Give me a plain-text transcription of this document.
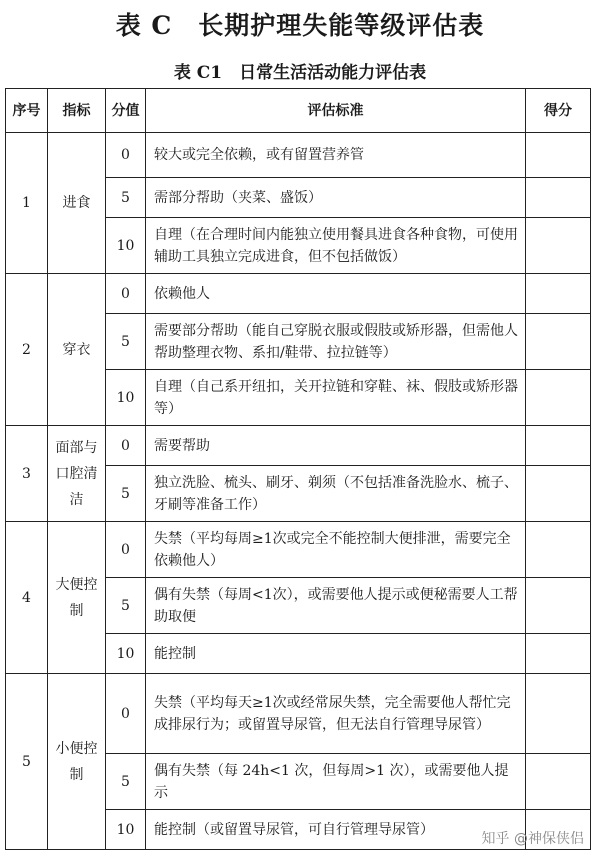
表 C　长期护理失能等级评估表
表 C1　日常生活活动能力评估表
序号	指标	分值	评估标准	得分
1	进食	0	较大或完全依赖，或有留置营养管	
		5	需部分帮助（夹菜、盛饭）	
		10	自理（在合理时间内能独立使用餐具进食各种食物，可使用辅助工具独立完成进食，但不包括做饭）	
2	穿衣	0	依赖他人	
		5	需要部分帮助（能自己穿脱衣服或假肢或矫形器，但需他人帮助整理衣物、系扣/鞋带、拉拉链等）	
		10	自理（自己系开纽扣，关开拉链和穿鞋、袜、假肢或矫形器等）	
3	面部与口腔清洁	0	需要帮助	
		5	独立洗脸、梳头、刷牙、剃须（不包括准备洗脸水、梳子、牙刷等准备工作）	
4	大便控制	0	失禁（平均每周≥1次或完全不能控制大便排泄，需要完全依赖他人）	
		5	偶有失禁（每周<1次），或需要他人提示或便秘需要人工帮助取便	
		10	能控制	
5	小便控制	0	失禁（平均每天≥1次或经常尿失禁，完全需要他人帮忙完成排尿行为；或留置导尿管，但无法自行管理导尿管）	
		5	偶有失禁（每 24h<1 次，但每周>1 次），或需要他人提示	
		10	能控制（或留置导尿管，可自行管理导尿管）	
知乎 @神保侠侣
